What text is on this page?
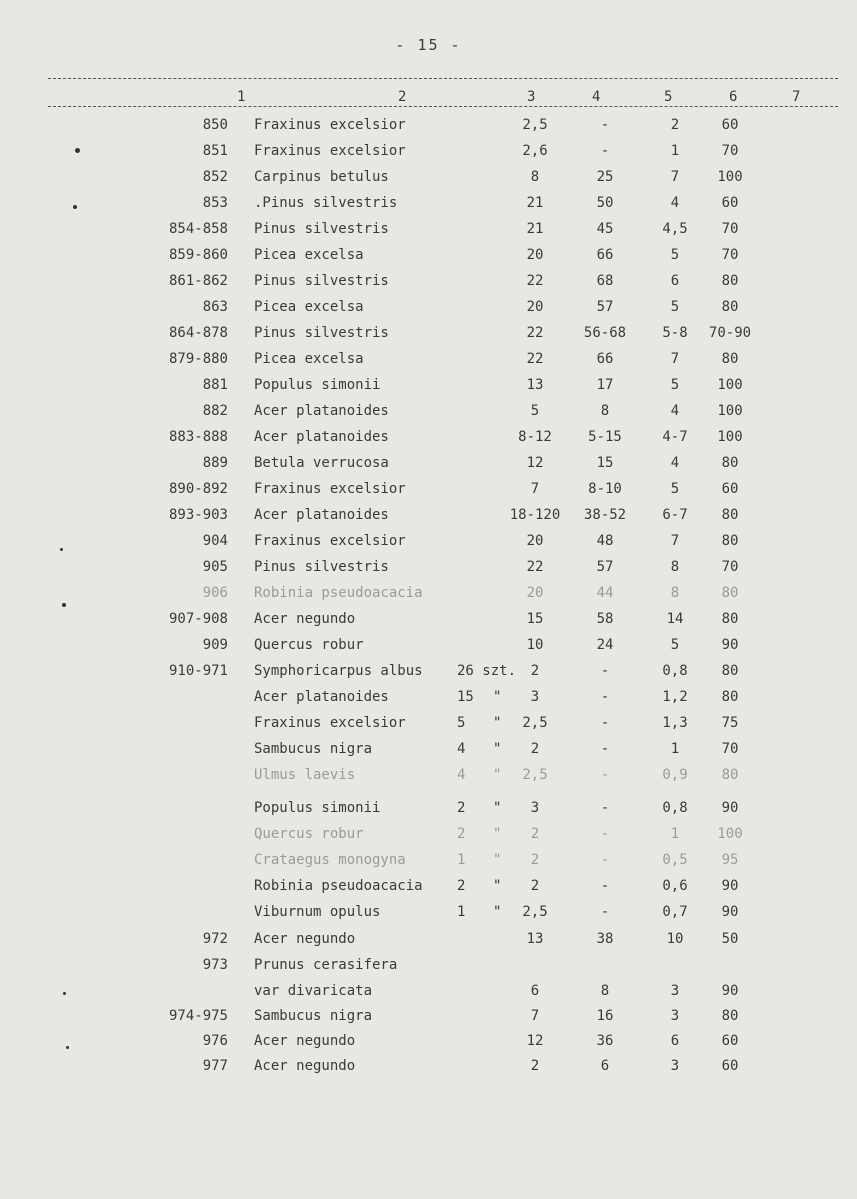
- 15 -
1	2	3	4	5	6	7
850 Fraxinus excelsior	2,5	-	2	60
851 Fraxinus excelsior	2,6	-	1	70
852 Carpinus betulus	8	25	7	100
853 .Pinus silvestris	21	50	4	60
854-858 Pinus silvestris	21	45	4,5	70
859-860 Picea excelsa	20	66	5	70
861-862 Pinus silvestris	22	68	6	80
863 Picea excelsa	20	57	5	80
864-878 Pinus silvestris	22	56-68	5-8	70-90
879-880 Picea excelsa	22	66	7	80
881 Populus simonii	13	17	5	100
882 Acer platanoides	5	8	4	100
883-888 Acer platanoides	8-12	5-15	4-7	100
889 Betula verrucosa	12	15	4	80
890-892 Fraxinus excelsior	7	8-10	5	60
893-903 Acer platanoides	18-120	38-52	6-7	80
904 Fraxinus excelsior	20	48	7	80
905 Pinus silvestris	22	57	8	70
906 Robinia pseudoacacia	20	44	8	80
907-908 Acer negundo	15	58	14	80
909 Quercus robur	10	24	5	90
910-971 Symphoricarpus albus 26 szt.	2	-	0,8	80
Acer platanoides	15 "	3	-	1,2	80
Fraxinus excelsior	5 "	2,5	-	1,3	75
Sambucus nigra	4 "	2	-	1	70
Ulmus laevis	4 "	2,5	-	0,9	80
Populus simonii	2 "	3	-	0,8	90
Quercus robur	2 "	2	-	1	100
Crataegus monogyna	1 "	2	-	0,5	95
Robinia pseudoacacia 2 "	2	-	0,6	90
Viburnum opulus	1 "	2,5	-	0,7	90
972 Acer negundo	13	38	10	50
973 Prunus cerasifera
var divaricata	6	8	3	90
974-975 Sambucus nigra	7	16	3	80
976 Acer negundo	12	36	6	60
977 Acer negundo	2	6	3	60
